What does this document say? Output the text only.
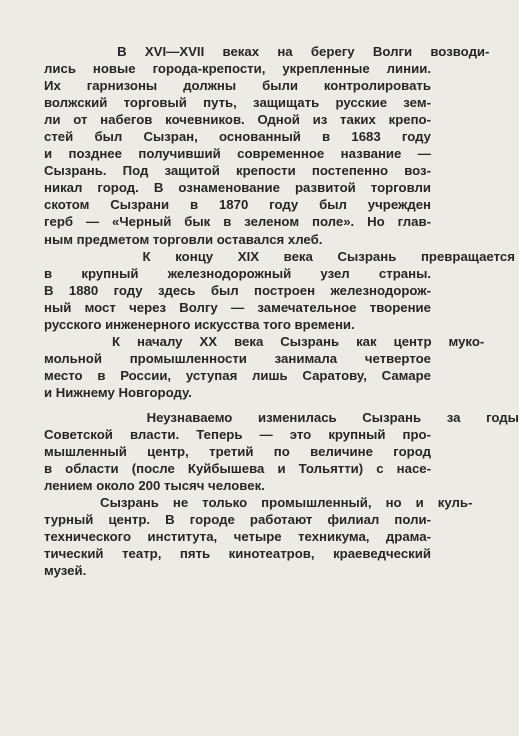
В XVI—XVII веках на берегу Волги возводи-
лись новые города-крепости, укрепленные линии.
Их гарнизоны должны были контролировать
волжский торговый путь, защищать русские зем-
ли от набегов кочевников. Одной из таких крепо-
стей был Сызран, основанный в 1683 году
и позднее получивший современное название —
Сызрань. Под защитой крепости постепенно воз-
никал город. В ознаменование развитой торговли
скотом Сызрани в 1870 году был учрежден
герб — «Черный бык в зеленом поле». Но глав-
ным предметом торговли оставался хлеб.
К концу XIX века Сызрань превращается
в крупный железнодорожный узел страны.
В 1880 году здесь был построен железнодорож-
ный мост через Волгу — замечательное творение
русского инженерного искусства того времени.
К началу XX века Сызрань как центр муко-
мольной промышленности занимала четвертое
место в России, уступая лишь Саратову, Самаре
и Нижнему Новгороду.
Неузнаваемо изменилась Сызрань за годы
Советской власти. Теперь — это крупный про-
мышленный центр, третий по величине город
в области (после Куйбышева и Тольятти) с насе-
лением около 200 тысяч человек.
Сызрань не только промышленный, но и куль-
турный центр. В городе работают филиал поли-
технического института, четыре техникума, драма-
тический театр, пять кинотеатров, краеведческий
музей.
